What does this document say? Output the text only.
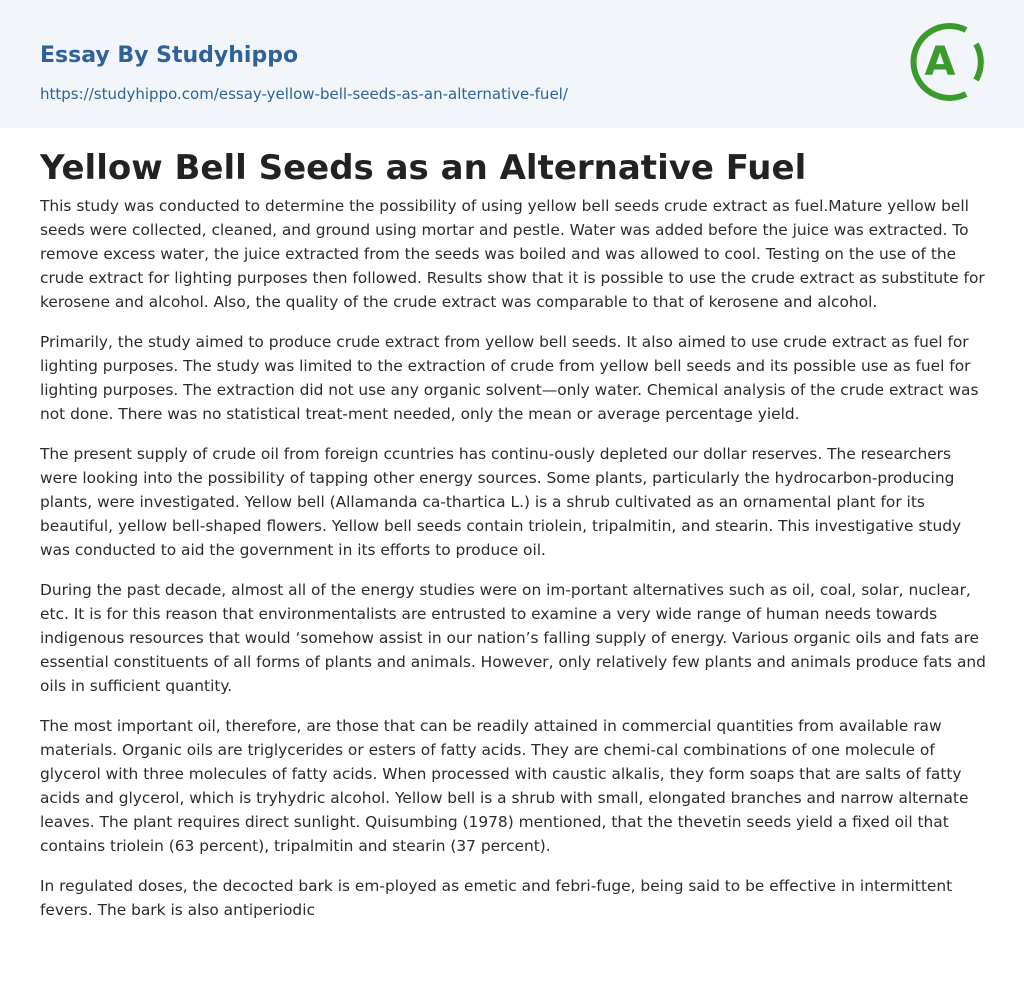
Essay By Studyhippo
https://studyhippo.com/essay-yellow-bell-seeds-as-an-alternative-fuel/
A
Yellow Bell Seeds as an Alternative Fuel

This study was conducted to determine the possibility of using yellow bell seeds crude extract as fuel.Mature yellow bell seeds were collected, cleaned, and ground using mortar and pestle. Water was added before the juice was extracted. To remove excess water, the juice extracted from the seeds was boiled and was allowed to cool. Testing on the use of the crude extract for lighting purposes then followed. Results show that it is possible to use the crude extract as substitute for kerosene and alcohol. Also, the quality of the crude extract was comparable to that of kerosene and alcohol.

Primarily, the study aimed to produce crude extract from yellow bell seeds. It also aimed to use crude extract as fuel for lighting purposes. The study was limited to the extraction of crude from yellow bell seeds and its possible use as fuel for lighting purposes. The extraction did not use any organic solvent—only water. Chemical analysis of the crude extract was not done. There was no statistical treat-ment needed, only the mean or average percentage yield.

The present supply of crude oil from foreign ccuntries has continu-ously depleted our dollar reserves. The researchers were looking into the possibility of tapping other energy sources. Some plants, particularly the hydrocarbon-producing plants, were investigated. Yellow bell (Allamanda ca-thartica L.) is a shrub cultivated as an ornamental plant for its beautiful, yellow bell-shaped flowers. Yellow bell seeds contain triolein, tripalmitin, and stearin. This investigative study was conducted to aid the government in its efforts to produce oil.

During the past decade, almost all of the energy studies were on im-portant alternatives such as oil, coal, solar, nuclear, etc. It is for this reason that environmentalists are entrusted to examine a very wide range of human needs towards indigenous resources that would ‘somehow assist in our nation’s falling supply of energy. Various organic oils and fats are essential constituents of all forms of plants and animals. However, only relatively few plants and animals produce fats and oils in sufficient quantity.

The most important oil, therefore, are those that can be readily attained in commercial quantities from available raw materials. Organic oils are triglycerides or esters of fatty acids. They are chemi-cal combinations of one molecule of glycerol with three molecules of fatty acids. When processed with caustic alkalis, they form soaps that are salts of fatty acids and glycerol, which is tryhydric alcohol. Yellow bell is a shrub with small, elongated branches and narrow alternate leaves. The plant requires direct sunlight. Quisumbing (1978) mentioned, that the thevetin seeds yield a fixed oil that contains triolein (63 percent), tripalmitin and stearin (37 percent).

In regulated doses, the decocted bark is em-ployed as emetic and febri-fuge, being said to be effective in intermittent fevers. The bark is also antiperiodic
